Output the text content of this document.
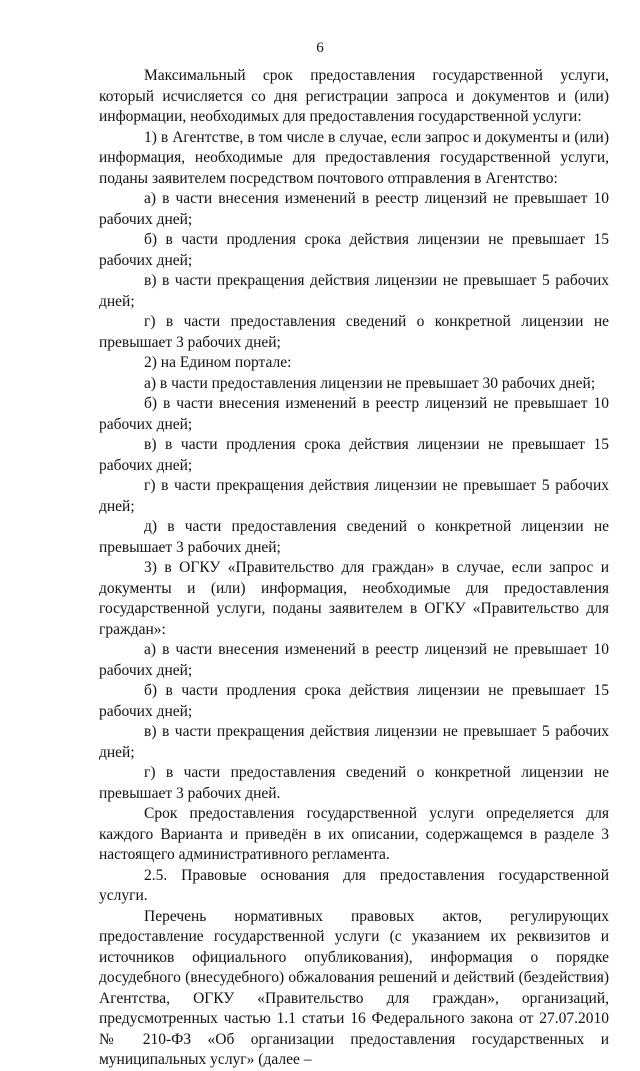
6

Максимальный срок предоставления государственной услуги, который исчисляется со дня регистрации запроса и документов и (или) информации, необходимых для предоставления государственной услуги:

1) в Агентстве, в том числе в случае, если запрос и документы и (или) информация, необходимые для предоставления государственной услуги, поданы заявителем посредством почтового отправления в Агентство:

а) в части внесения изменений в реестр лицензий не превышает 10 рабочих дней;

б) в части продления срока действия лицензии не превышает 15 рабочих дней;

в) в части прекращения действия лицензии не превышает 5 рабочих дней;

г) в части предоставления сведений о конкретной лицензии не превышает 3 рабочих дней;

2) на Едином портале:

а) в части предоставления лицензии не превышает 30 рабочих дней;

б) в части внесения изменений в реестр лицензий не превышает 10 рабочих дней;

в) в части продления срока действия лицензии не превышает 15 рабочих дней;

г) в части прекращения действия лицензии не превышает 5 рабочих дней;

д) в части предоставления сведений о конкретной лицензии не превышает 3 рабочих дней;

3) в ОГКУ «Правительство для граждан» в случае, если запрос и документы и (или) информация, необходимые для предоставления государственной услуги, поданы заявителем в ОГКУ «Правительство для граждан»:

а) в части внесения изменений в реестр лицензий не превышает 10 рабочих дней;

б) в части продления срока действия лицензии не превышает 15 рабочих дней;

в) в части прекращения действия лицензии не превышает 5 рабочих дней;

г) в части предоставления сведений о конкретной лицензии не превышает 3 рабочих дней.

Срок предоставления государственной услуги определяется для каждого Варианта и приведён в их описании, содержащемся в разделе 3 настоящего административного регламента.

2.5. Правовые основания для предоставления государственной услуги.

Перечень нормативных правовых актов, регулирующих предоставление государственной услуги (с указанием их реквизитов и источников официального опубликования), информация о порядке досудебного (внесудебного) обжалования решений и действий (бездействия) Агентства, ОГКУ «Правительство для граждан», организаций, предусмотренных частью 1.1 статьи 16 Федерального закона от 27.07.2010 № 210-ФЗ «Об организации предоставления государственных и муниципальных услуг» (далее –
